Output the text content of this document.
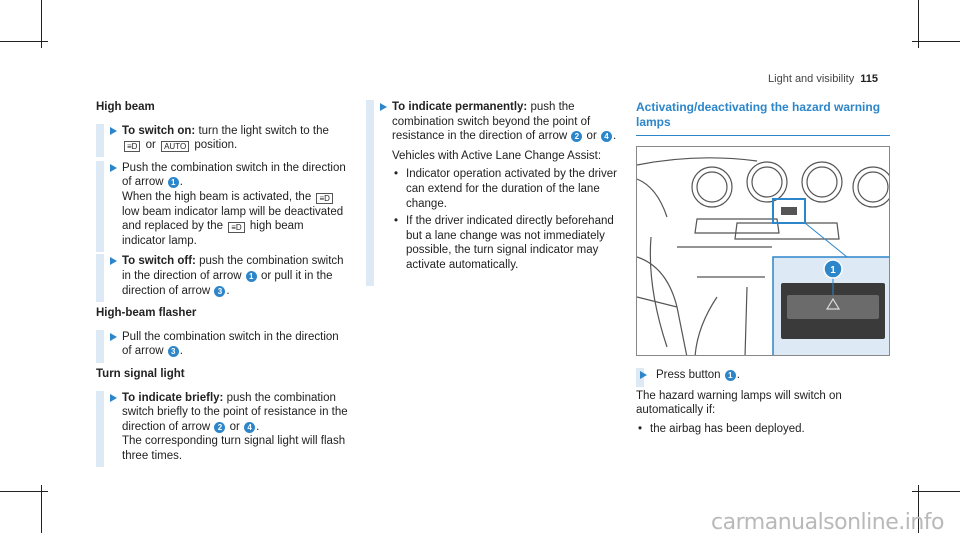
Light and visibility 115
High beam

To switch on: turn the light switch to the
≡D or AUTO position.

Push the combination switch in the direction of arrow 1 .
When the high beam is activated, the ≡D low beam indicator lamp will be deactivated and replaced by the ≡D high beam indicator lamp.

To switch off: push the combination switch in the direction of arrow 1 or pull it in the direction of arrow 3 .

High-beam flasher

Pull the combination switch in the direction of arrow 3 .

Turn signal light

To indicate briefly: push the combination switch briefly to the point of resistance in the direction of arrow 2 or 4 .
The corresponding turn signal light will flash three times.

To indicate permanently: push the combination switch beyond the point of resistance in the direction of arrow 2 or 4 .

Vehicles with Active Lane Change Assist:

• Indicator operation activated by the driver can extend for the duration of the lane change.
• If the driver indicated directly beforehand but a lane change was not immediately possible, the turn signal indicator may activate automatically.
Activating/deactivating the hazard warning lamps
1

Press button 1 .

The hazard warning lamps will switch on automatically if:

• the airbag has been deployed.
carmanualsonline.info
